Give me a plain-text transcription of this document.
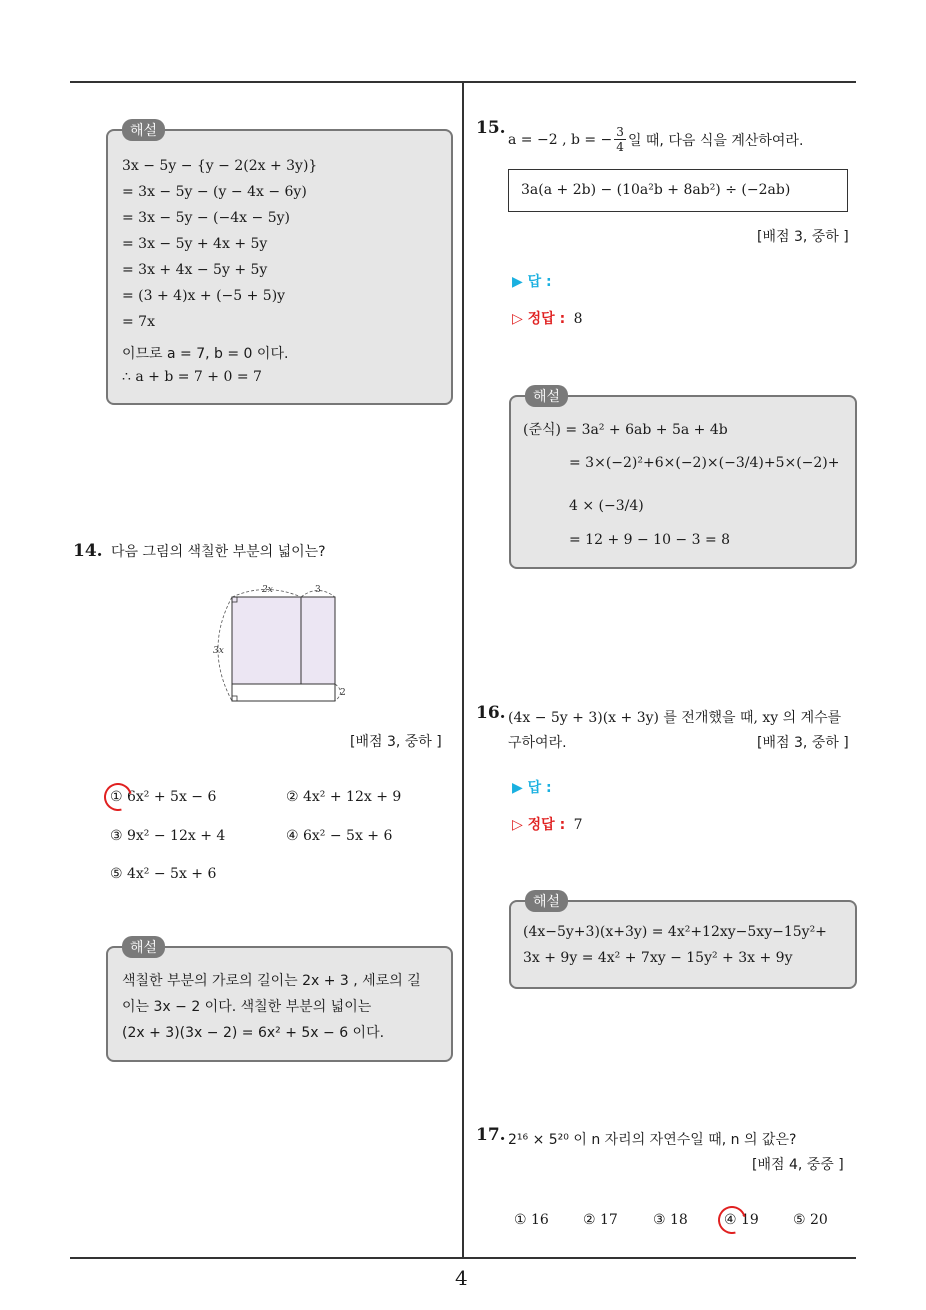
4
해설
3x − 5y − {y − 2(2x + 3y)}
= 3x − 5y − (y − 4x − 6y)
= 3x − 5y − (−4x − 5y)
= 3x − 5y + 4x + 5y
= 3x + 4x − 5y + 5y
= (3 + 4)x + (−5 + 5)y
= 7x
이므로 a = 7, b = 0 이다.
∴ a + b = 7 + 0 = 7
14. 다음 그림의 색칠한 부분의 넓이는?
2x	3
3x
2
[배점 3, 중하 ]
① 6x² + 5x − 6	② 4x² + 12x + 9
③ 9x² − 12x + 4	④ 6x² − 5x + 6
⑤ 4x² − 5x + 6
해설
색칠한 부분의 가로의 길이는 2x + 3 , 세로의 길
이는 3x − 2 이다. 색칠한 부분의 넓이는
(2x + 3)(3x − 2) = 6x² + 5x − 6 이다.
15.
a = −2 , b = − $\frac{3}{4}$ 일 때, 다음 식을 계산하여라.
3a(a + 2b) − (10a²b + 8ab²) ÷ (−2ab)
[배점 3, 중하 ]
▶ 답 :
▷ 정답 : 8
해설
(준식) = 3a² + 6ab + 5a + 4b
= 3×(−2)²+6×(−2)×(−3/4)+5×(−2)+
4 × (−3/4)
= 12 + 9 − 10 − 3 = 8
16. (4x − 5y + 3)(x + 3y) 를 전개했을 때, xy 의 계수를
구하여라.	[배점 3, 중하 ]
▶ 답 :
▷ 정답 : 7
해설
(4x−5y+3)(x+3y) = 4x²+12xy−5xy−15y²+
3x + 9y = 4x² + 7xy − 15y² + 3x + 9y
17. 2¹⁶ × 5²⁰ 이 n 자리의 자연수일 때, n 의 값은?
[배점 4, 중중 ]
① 16 ② 17	③ 18	④ 19 ⑤ 20
